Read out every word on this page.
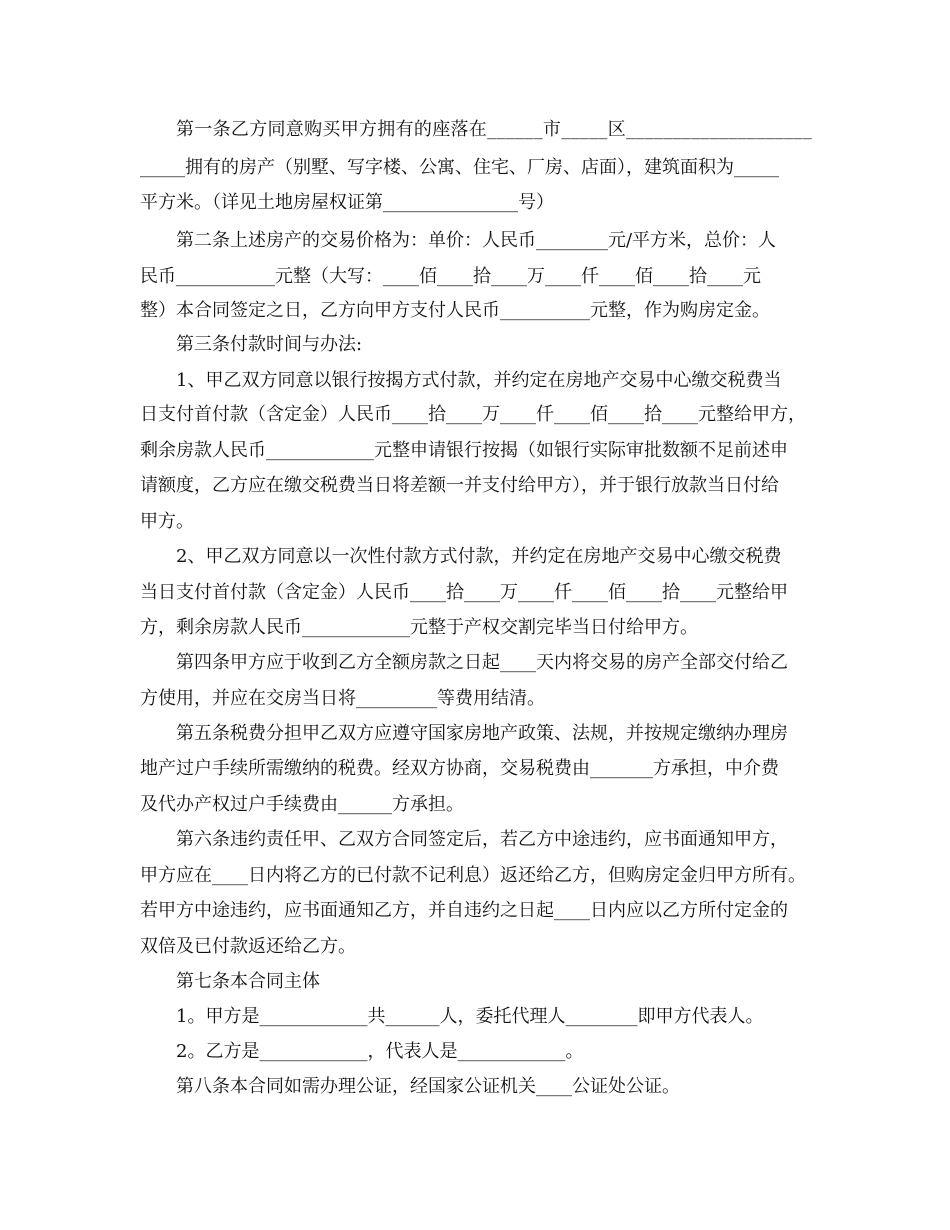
第一条乙方同意购买甲方拥有的座落在______市_____区____________________
_____拥有的房产（别墅、写字楼、公寓、住宅、厂房、店面），建筑面积为_____
平方米。（详见土地房屋权证第_______________号）
第二条上述房产的交易价格为：单价：人民币________元/平方米，总价：人
民币___________元整（大写：____佰____拾____万____仟____佰____拾____元
整）本合同签定之日，乙方向甲方支付人民币__________元整，作为购房定金。
第三条付款时间与办法:
1、甲乙双方同意以银行按揭方式付款，并约定在房地产交易中心缴交税费当
日支付首付款（含定金）人民币____拾____万____仟____佰____拾____元整给甲方，
剩余房款人民币____________元整申请银行按揭（如银行实际审批数额不足前述申
请额度，乙方应在缴交税费当日将差额一并支付给甲方），并于银行放款当日付给
甲方。
2、甲乙双方同意以一次性付款方式付款，并约定在房地产交易中心缴交税费
当日支付首付款（含定金）人民币____拾____万____仟____佰____拾____元整给甲
方，剩余房款人民币____________元整于产权交割完毕当日付给甲方。
第四条甲方应于收到乙方全额房款之日起____天内将交易的房产全部交付给乙
方使用，并应在交房当日将_________等费用结清。
第五条税费分担甲乙双方应遵守国家房地产政策、法规，并按规定缴纳办理房
地产过户手续所需缴纳的税费。经双方协商，交易税费由_______方承担，中介费
及代办产权过户手续费由______方承担。
第六条违约责任甲、乙双方合同签定后，若乙方中途违约，应书面通知甲方，
甲方应在____日内将乙方的已付款不记利息）返还给乙方，但购房定金归甲方所有。
若甲方中途违约，应书面通知乙方，并自违约之日起____日内应以乙方所付定金的
双倍及已付款返还给乙方。
第七条本合同主体
1。甲方是____________共______人，委托代理人________即甲方代表人。
2。乙方是____________，代表人是____________。
第八条本合同如需办理公证，经国家公证机关____公证处公证。
